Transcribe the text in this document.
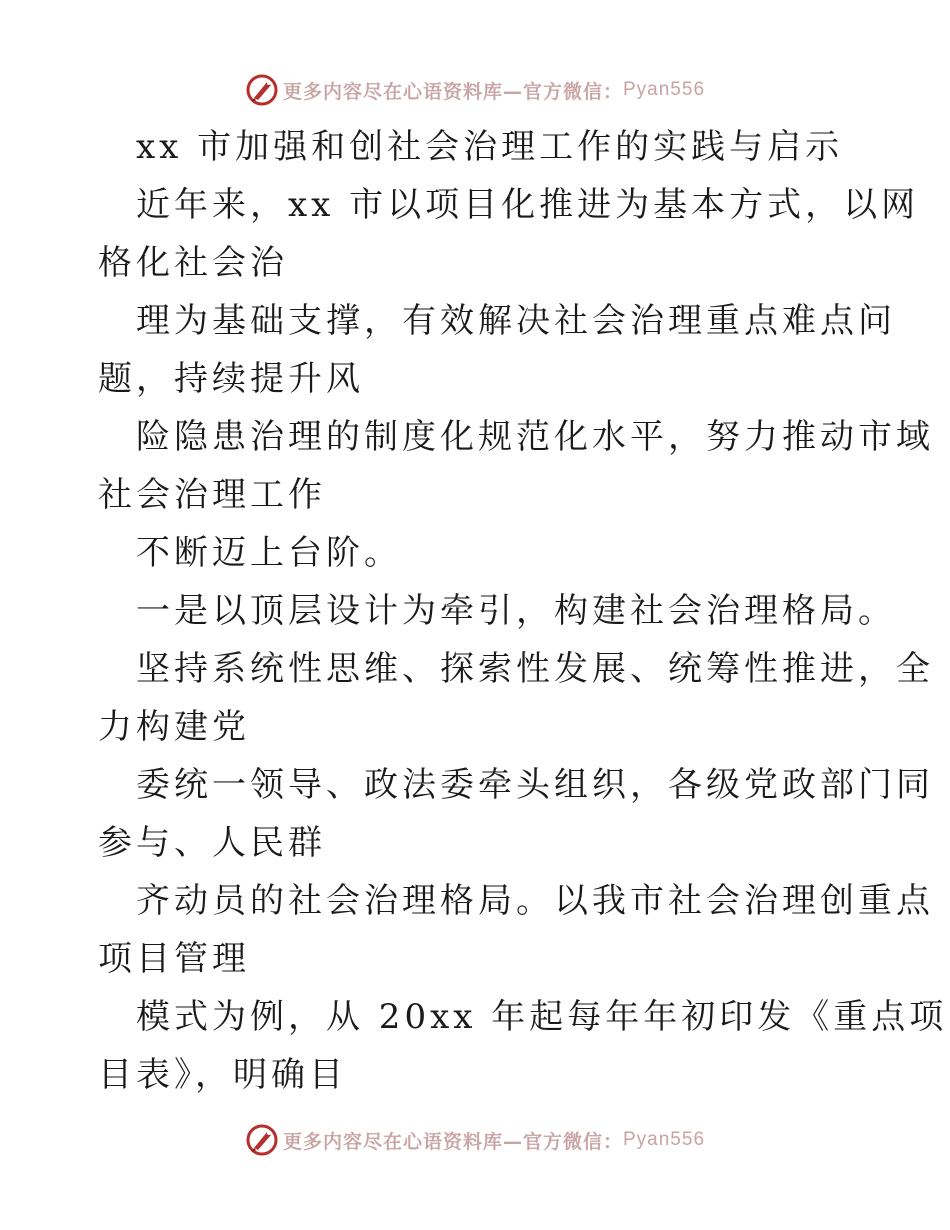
更多内容尽在心语资料库—官方微信： Pyan556
xx 市加强和创社会治理工作的实践与启示
近年来，xx 市以项目化推进为基本方式，以网
格化社会治
理为基础支撑，有效解决社会治理重点难点问
题，持续提升风
险隐患治理的制度化规范化水平，努力推动市域
社会治理工作
不断迈上台阶。
一是以顶层设计为牵引，构建社会治理格局。
坚持系统性思维、探索性发展、统筹性推进，全
力构建党
委统一领导、政法委牵头组织，各级党政部门同
参与、人民群
齐动员的社会治理格局。以我市社会治理创重点
项目管理
模式为例，从 20xx 年起每年年初印发《重点项
目表》，明确目
更多内容尽在心语资料库—官方微信： Pyan556
